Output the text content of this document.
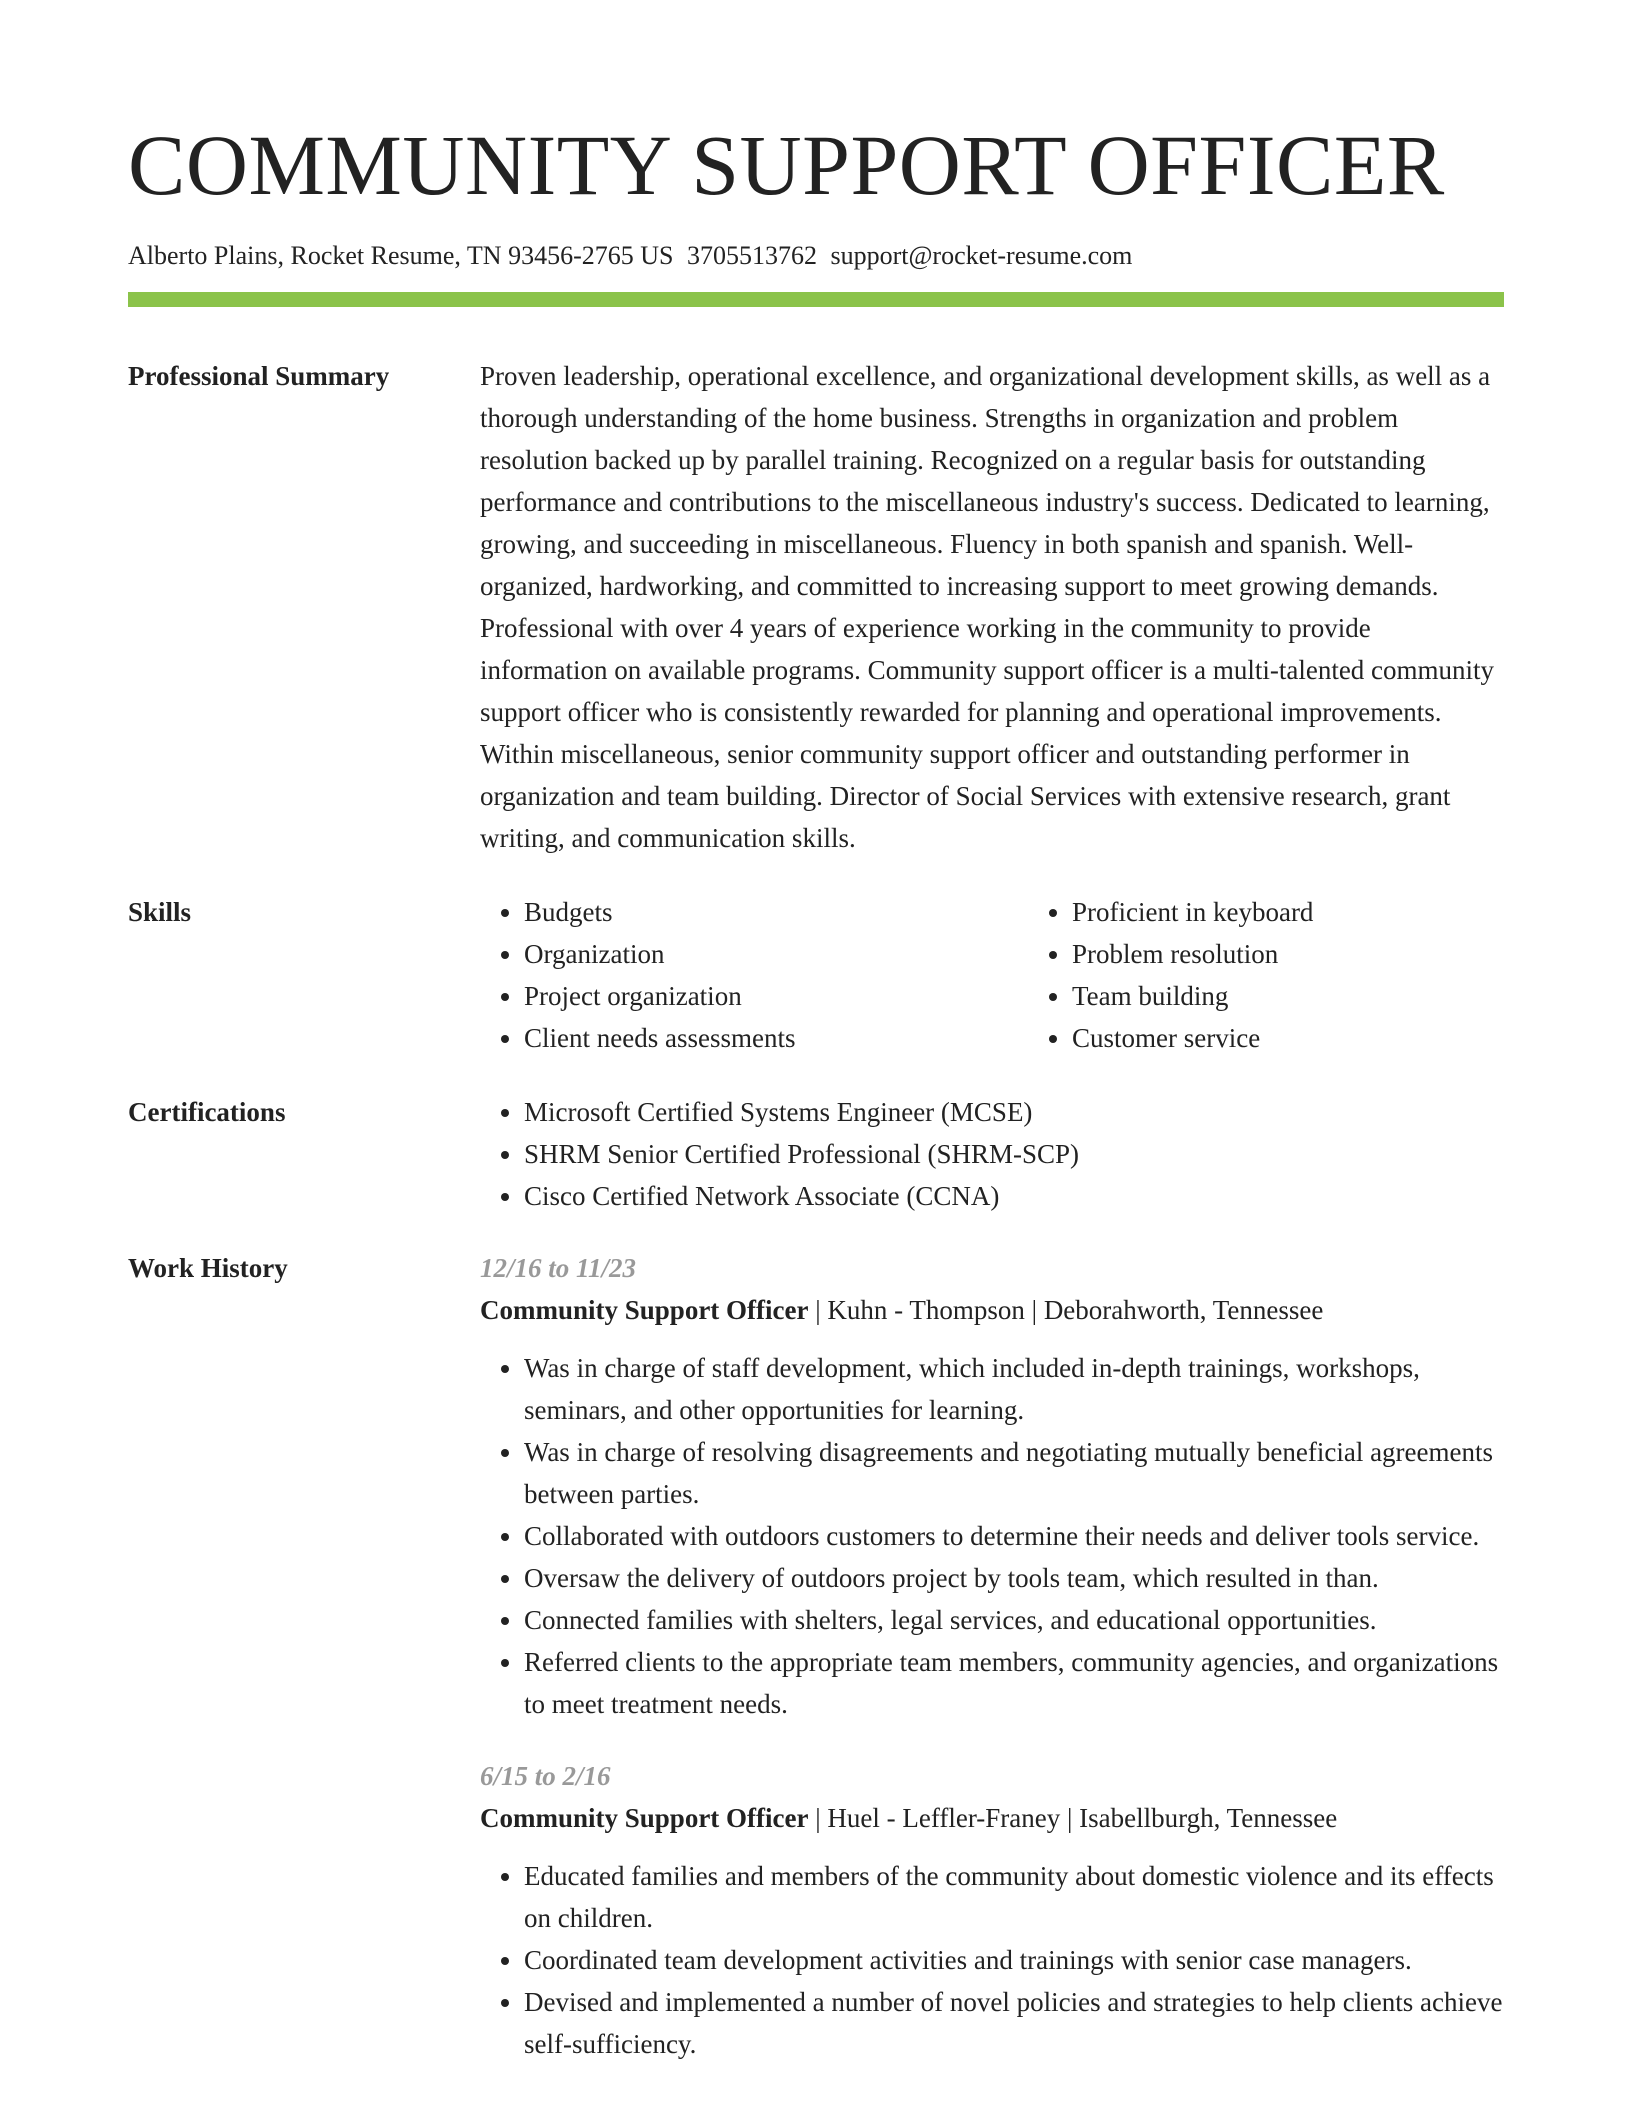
COMMUNITY SUPPORT OFFICER
Alberto Plains, Rocket Resume, TN 93456-2765 US 3705513762 support@rocket-resume.com
Professional Summary	Proven leadership, operational excellence, and organizational development skills, as well as a thorough understanding of the home business. Strengths in organization and problem resolution backed up by parallel training. Recognized on a regular basis for outstanding performance and contributions to the miscellaneous industry's success. Dedicated to learning, growing, and succeeding in miscellaneous. Fluency in both spanish and spanish. Well-organized, hardworking, and committed to increasing support to meet growing demands. Professional with over 4 years of experience working in the community to provide information on available programs. Community support officer is a multi-talented community support officer who is consistently rewarded for planning and operational improvements. Within miscellaneous, senior community support officer and outstanding performer in organization and team building. Director of Social Services with extensive research, grant writing, and communication skills.

Skills	• Budgets
• Organization
• Project organization
• Client needs assessments
• Proficient in keyboard
• Problem resolution
• Team building
• Customer service
Certifications	• Microsoft Certified Systems Engineer (MCSE)
• SHRM Senior Certified Professional (SHRM-SCP)
• Cisco Certified Network Associate (CCNA)
Work History	12/16 to 11/23
Community Support Officer | Kuhn - Thompson | Deborahworth, Tennessee
• Was in charge of staff development, which included in-depth trainings, workshops, seminars, and other opportunities for learning.
• Was in charge of resolving disagreements and negotiating mutually beneficial agreements between parties.
• Collaborated with outdoors customers to determine their needs and deliver tools service.
• Oversaw the delivery of outdoors project by tools team, which resulted in than.
• Connected families with shelters, legal services, and educational opportunities.
• Referred clients to the appropriate team members, community agencies, and organizations to meet treatment needs.
6/15 to 2/16
Community Support Officer | Huel - Leffler-Franey | Isabellburgh, Tennessee
• Educated families and members of the community about domestic violence and its effects on children.
• Coordinated team development activities and trainings with senior case managers.
• Devised and implemented a number of novel policies and strategies to help clients achieve self-sufficiency.
